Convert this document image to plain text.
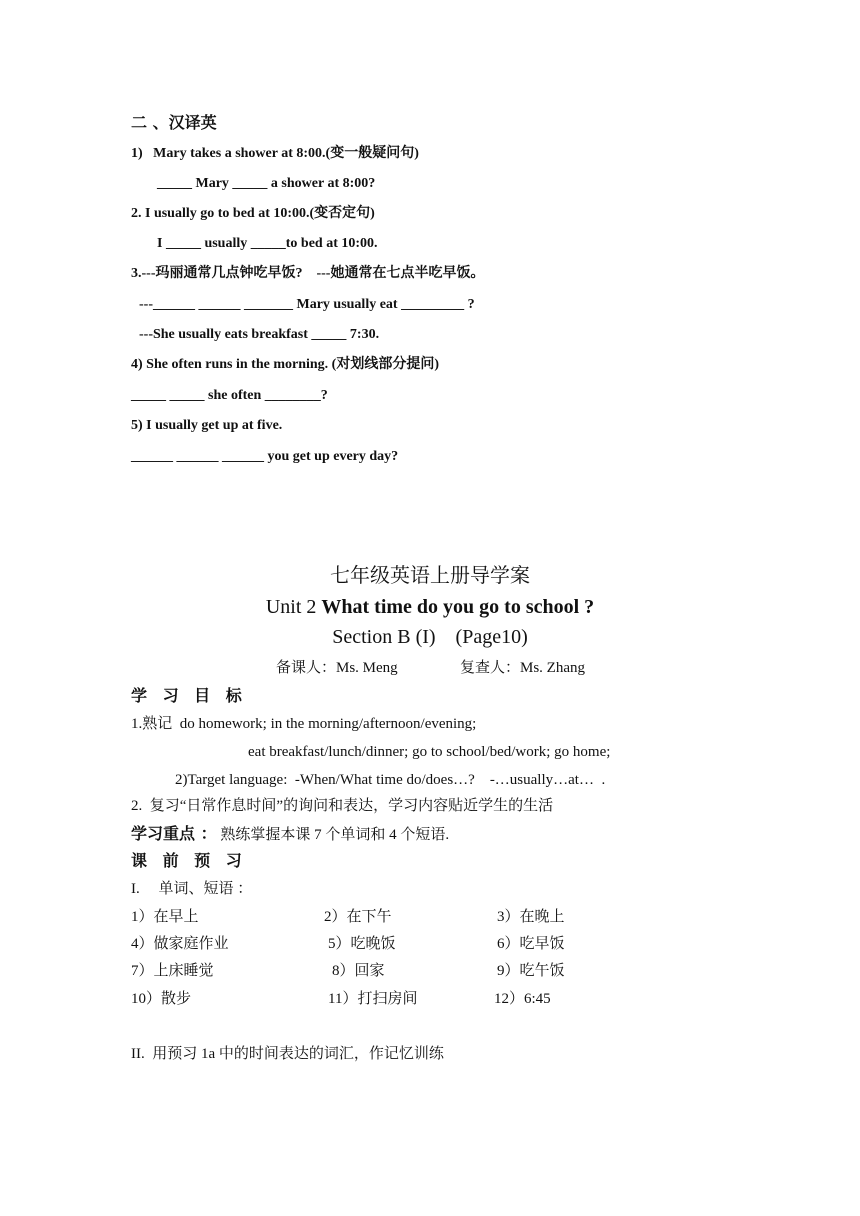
二 、汉译英
1)   Mary takes a shower at 8:00.(变一般疑问句)
_____ Mary _____ a shower at 8:00?
2. I usually go to bed at 10:00.(变否定句)
I _____ usually _____to bed at 10:00.
3.---玛丽通常几点钟吃早饭?    ---她通常在七点半吃早饭。
---______ ______ _______ Mary usually eat _________ ?
---She usually eats breakfast _____ 7:30.
4) She often runs in the morning. (对划线部分提问)
_____ _____ she often ________?
5) I usually get up at five.
______ ______ ______ you get up every day?
七年级英语上册导学案
Unit 2 What time do you go to school ?
Section B (I)    (Page10)
备课人：Ms. Meng	复查人：Ms. Zhang
学 习 目 标
1.熟记  do homework; in the morning/afternoon/evening;
eat breakfast/lunch/dinner; go to school/bed/work; go home;
2)Target language:  -When/What time do/does…?    -…usually…at…  .
2.  复习“日常作息时间”的询问和表达，学习内容贴近学生的生活
学习重点 ： 熟练掌握本课 7 个单词和 4 个短语.
课 前 预 习
I.     单词、短语 ：
1）在早上	2）在下午	3）在晚上
4）做家庭作业	5）吃晚饭	6）吃早饭
7）上床睡觉	8）回家	9）吃午饭
10）散步	11）打扫房间	12）6:45
II.  用预习 1a 中的时间表达的词汇，作记忆训练
